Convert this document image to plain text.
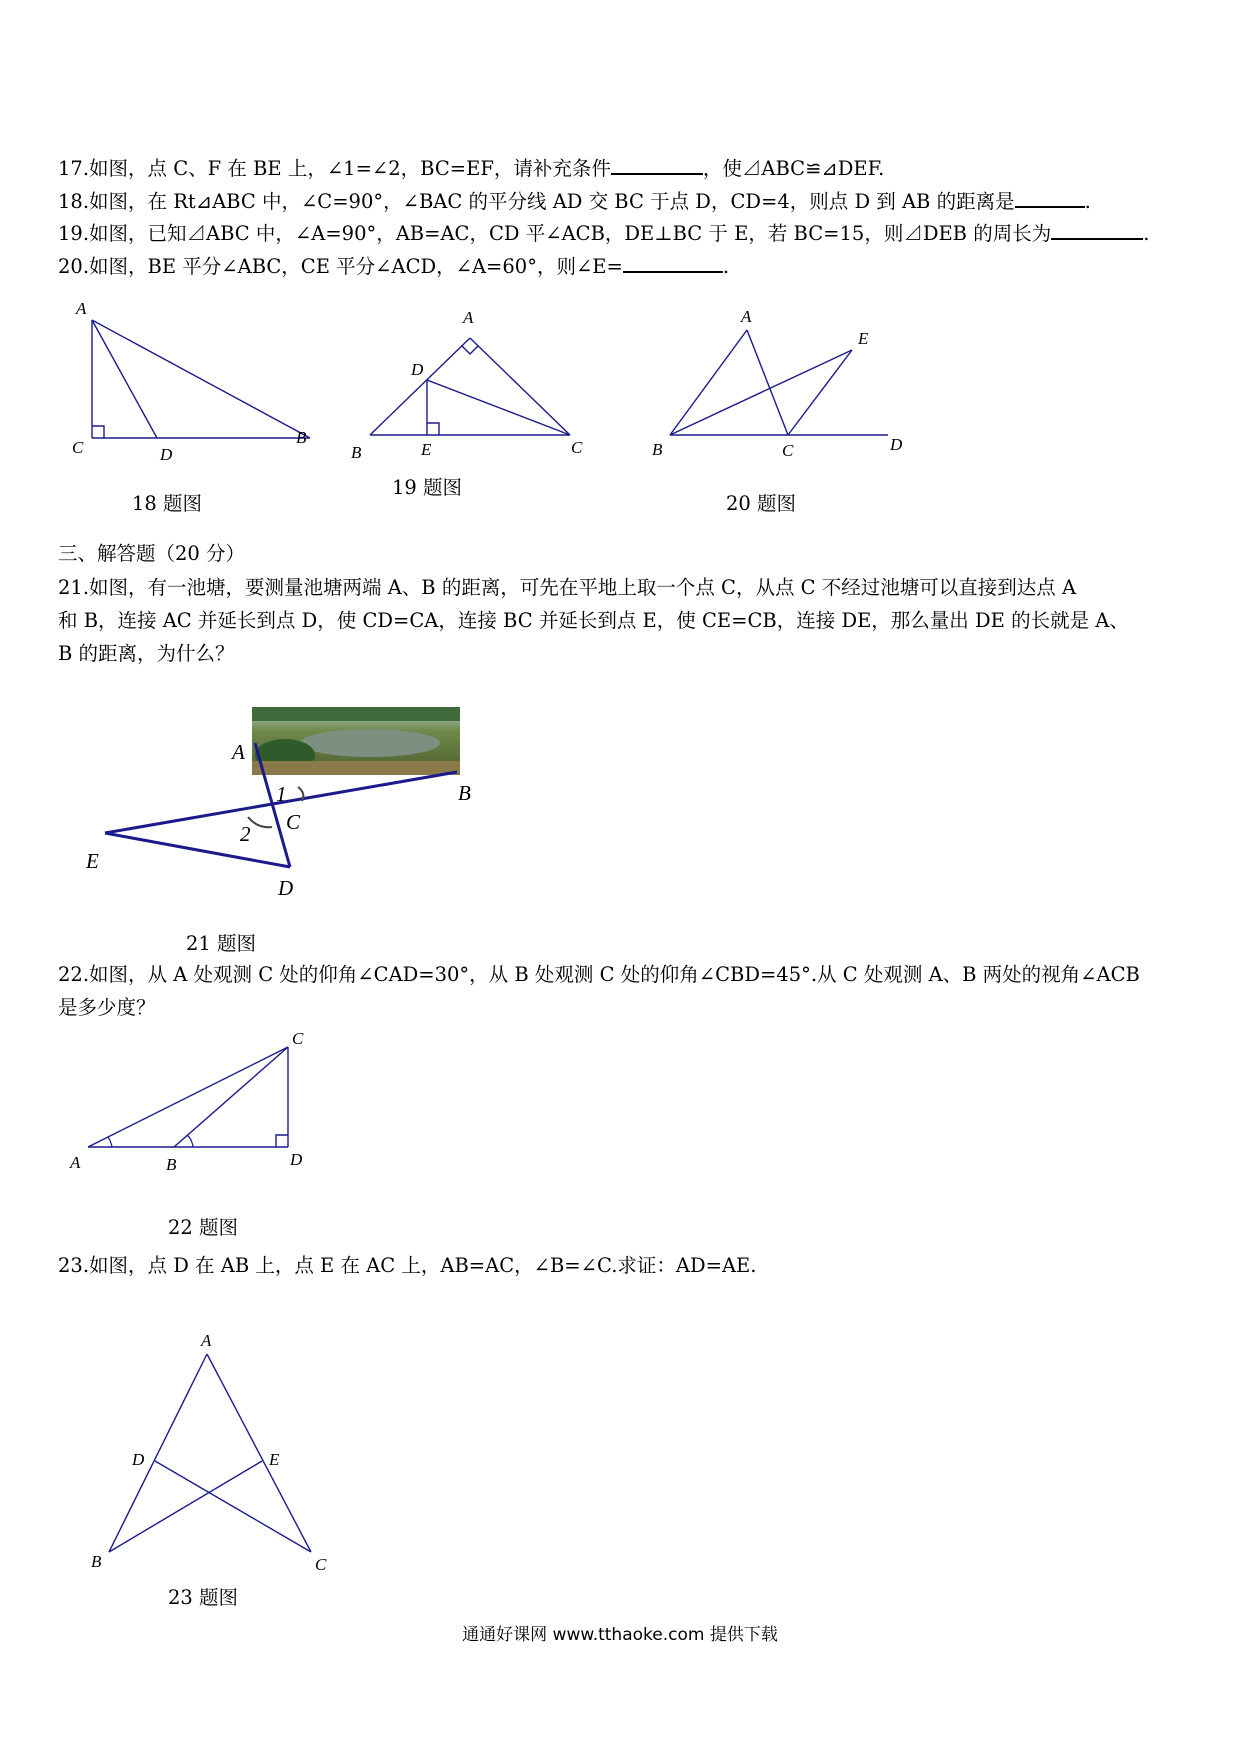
17.如图，点 C、F 在 BE 上，∠1=∠2，BC=EF，请补充条件	，使⊿ABC≌⊿DEF.
18.如图，在 Rt⊿ABC 中，∠C=90°，∠BAC 的平分线 AD 交 BC 于点 D，CD=4，则点 D 到 AB 的距离是	.
19.如图，已知⊿ABC 中，∠A=90°，AB=AC，CD 平∠ACB，DE⊥BC 于 E，若 BC=15，则⊿DEB 的周长为	.
20.如图，BE 平分∠ABC，CE 平分∠ACD，∠A=60°，则∠E=	.
A
C	D
B
18 题图
A
D
B	E	C
19 题图
A
E
B	C	D
20 题图
三、解答题（20 分）
21.如图，有一池塘，要测量池塘两端 A、B 的距离，可先在平地上取一个点 C，从点 C 不经过池塘可以直接到达点 A
和 B，连接 AC 并延长到点 D，使 CD=CA，连接 BC 并延长到点 E，使 CE=CB，连接 DE，那么量出 DE 的长就是 A、
B 的距离，为什么？
A
B
C
E
D
1
2
21 题图
22.如图，从 A 处观测 C 处的仰角∠CAD=30°，从 B 处观测 C 处的仰角∠CBD=45°.从 C 处观测 A、B 两处的视角∠ACB
是多少度？
C
A	B	D
22 题图
23.如图，点 D 在 AB 上，点 E 在 AC 上，AB=AC，∠B=∠C.求证：AD=AE.
A
D	E
B	C
23 题图
通通好课网 www.tthaoke.com 提供下载
